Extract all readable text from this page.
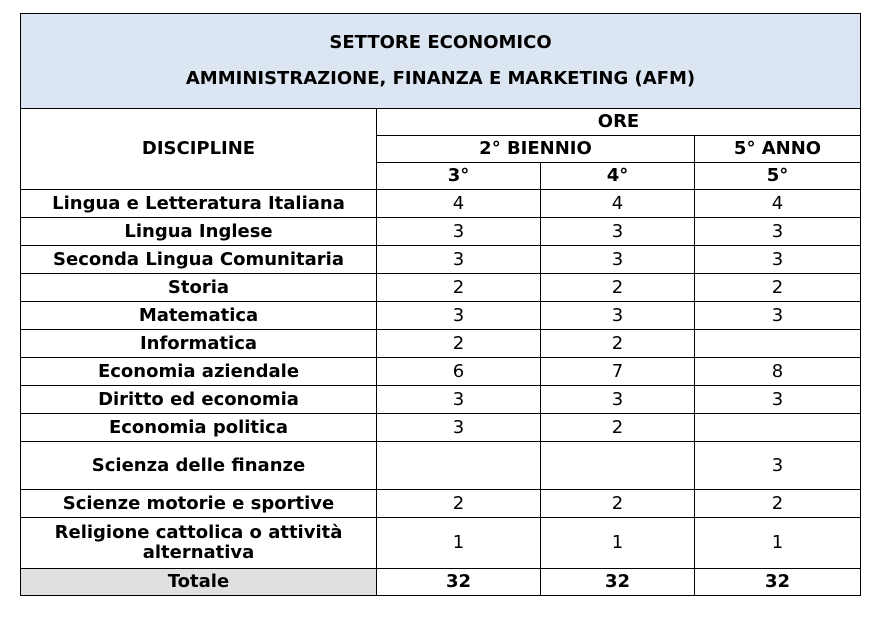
SETTORE ECONOMICO
AMMINISTRAZIONE, FINANZA E MARKETING (AFM)			

DISCIPLINE	ORE		
	2° BIENNIO		5° ANNO
	3°	4°	5°
Lingua e Letteratura Italiana	4	4	4
Lingua Inglese	3	3	3
Seconda Lingua Comunitaria	3	3	3
Storia	2	2	2
Matematica	3	3	3
Informatica	2	2	
Economia aziendale	6	7	8
Diritto ed economia	3	3	3
Economia politica	3	2	
Scienza delle finanze			3
Scienze motorie e sportive	2	2	2
Religione cattolica o attività alternativa	1	1	1
Totale	32	32	32
